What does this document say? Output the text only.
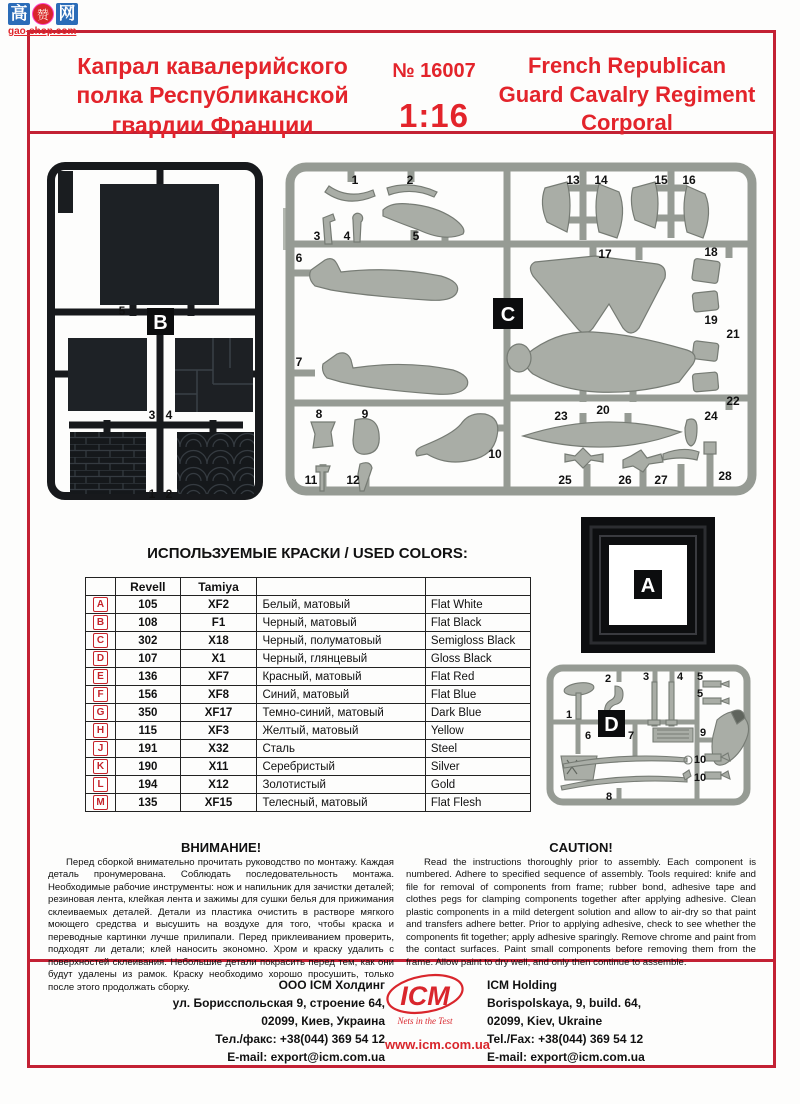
高 赞 网
gao-shop.com
Капрал кавалерийского полка Республиканской гвардии Франции
№ 16007
1:16
French Republican Guard Cavalry Regiment Corporal
B
5
3 4
1 2
C
1	2
3 4	5
6
7
8	9
10
11 12
13 14	15 16
17	18
19
20
21
22
23	24
25	26 27	28
A
D
1
2	3	4 5
5
6	7
8
9
10
10
ИСПОЛЬЗУЕМЫЕ КРАСКИ / USED COLORS:
	Revell	Tamiya		
A	105	XF2	Белый, матовый	Flat White
B	108	F1	Черный, матовый	Flat Black
C	302	X18	Черный, полуматовый	Semigloss Black
D	107	X1	Черный, глянцевый	Gloss Black
E	136	XF7	Красный, матовый	Flat Red
F	156	XF8	Синий, матовый	Flat Blue
G	350	XF17	Темно-синий, матовый	Dark Blue
H	115	XF3	Желтый, матовый	Yellow
J	191	X32	Сталь	Steel
K	190	X11	Серебристый	Silver
L	194	X12	Золотистый	Gold
M	135	XF15	Телесный, матовый	Flat Flesh
ВНИМАНИЕ!

Перед сборкой внимательно прочитать руководство по монтажу. Каждая деталь пронумерована. Соблюдать последовательность монтажа. Необходимые рабочие инструменты: нож и напильник для зачистки деталей; резиновая лента, клейкая лента и зажимы для сушки белья для прижимания склеиваемых деталей. Детали из пластика очистить в растворе мягкого моющего средства и высушить на воздухе для того, чтобы краска и переводные картинки лучше прилипали. Перед приклеиванием проверить, подходят ли детали; клей наносить экономно. Хром и краску удалить с поверхностей склеивания. Небольшие детали покрасить перед тем, как они будут удалены из рамок. Краску необходимо хорошо просушить, только после этого продолжать сборку.

CAUTION!

Read the instructions thoroughly prior to assembly. Each component is numbered. Adhere to specified sequence of assembly. Tools required: knife and file for removal of components from frame; rubber bond, adhesive tape and clothes pegs for clamping components together after applying adhesive. Clean plastic components in a mild detergent solution and allow to air-dry so that paint and transfers adhere better. Prior to applying adhesive, check to see whether the components fit together; apply adhesive sparingly. Remove chrome and paint from the contact surfaces. Paint small components before removing them from the frame. Allow paint to dry well, and only then continue to assemble.

ООО ICM Холдинг
ул. Борисcпольская 9, строение 64,
02099, Киев, Украина
Тел./факс: +38(044) 369 54 12
E-mail: export@icm.com.ua
ICM
Nets in the Test
www.icm.com.ua
ICM Holding
Borispolskaya, 9, build. 64,
02099, Kiev, Ukraine
Tel./Fax: +38(044) 369 54 12
E-mail: export@icm.com.ua
